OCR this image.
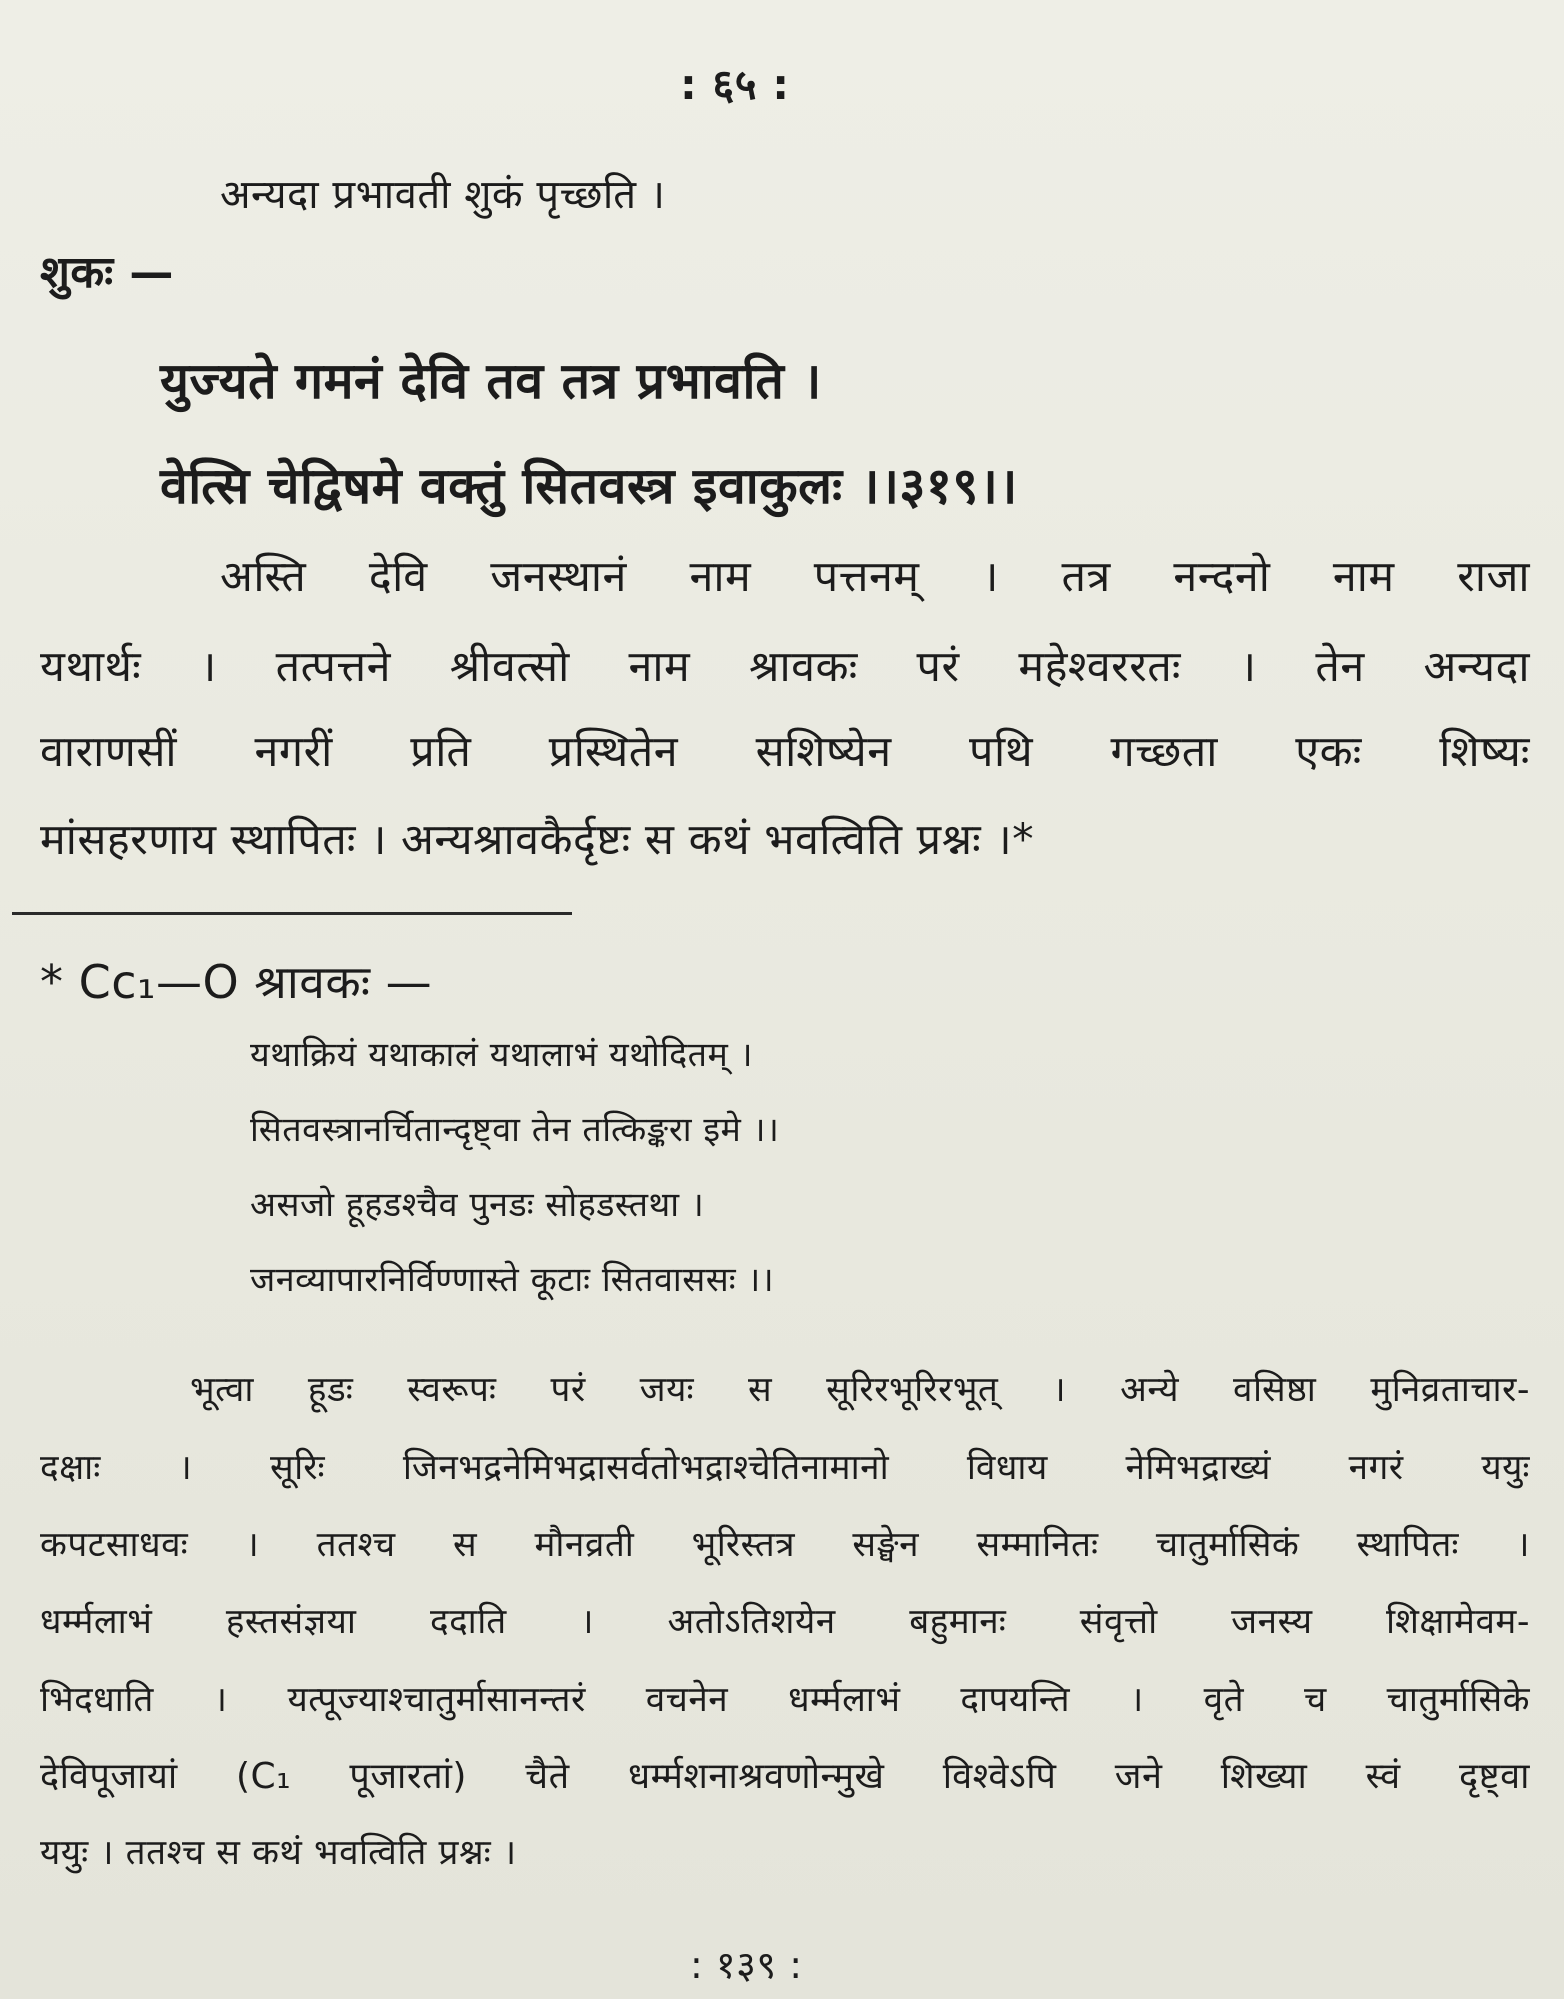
: ६५ :
अन्यदा प्रभावती शुकं पृच्छति ।
शुकः —
युज्यते गमनं देवि तव तत्र प्रभावति ।
वेत्सि चेद्विषमे वक्तुं सितवस्त्र इवाकुलः ।।३१९।।
अस्ति देवि जनस्थानं नाम पत्तनम् । तत्र नन्दनो नाम राजा
यथार्थः । तत्पत्तने श्रीवत्सो नाम श्रावकः परं महेश्वररतः । तेन अन्यदा
वाराणसीं नगरीं प्रति प्रस्थितेन सशिष्येन पथि गच्छता एकः शिष्यः
मांसहरणाय स्थापितः । अन्यश्रावकैर्दृष्टः स कथं भवत्विति प्रश्नः ।*
* Cc₁—O श्रावकः —
यथाक्रियं यथाकालं यथालाभं यथोदितम् ।
सितवस्त्रानर्चितान्दृष्ट्वा तेन तत्किङ्करा इमे ।।
असजो हूहडश्चैव पुनडः सोहडस्तथा ।
जनव्यापारनिर्विण्णास्ते कूटाः सितवाससः ।।
भूत्वा हूडः स्वरूपः परं जयः स सूरिरभूरिरभूत् । अन्ये वसिष्ठा मुनिव्रताचार-
दक्षाः । सूरिः जिनभद्रनेमिभद्रासर्वतोभद्राश्चेतिनामानो विधाय नेमिभद्राख्यं नगरं ययुः
कपटसाधवः । ततश्च स मौनव्रती भूरिस्तत्र सङ्घेन सम्मानितः चातुर्मासिकं स्थापितः ।
धर्म्मलाभं हस्तसंज्ञया ददाति । अतोऽतिशयेन बहुमानः संवृत्तो जनस्य शिक्षामेवम-
भिदधाति । यत्पूज्याश्चातुर्मासानन्तरं वचनेन धर्म्मलाभं दापयन्ति । वृते च चातुर्मासिके
देविपूजायां (C₁ पूजारतां) चैते धर्म्मशनाश्रवणोन्मुखे विश्वेऽपि जने शिख्या स्वं दृष्ट्वा
ययुः । ततश्च स कथं भवत्विति प्रश्नः ।
: १३९ :
